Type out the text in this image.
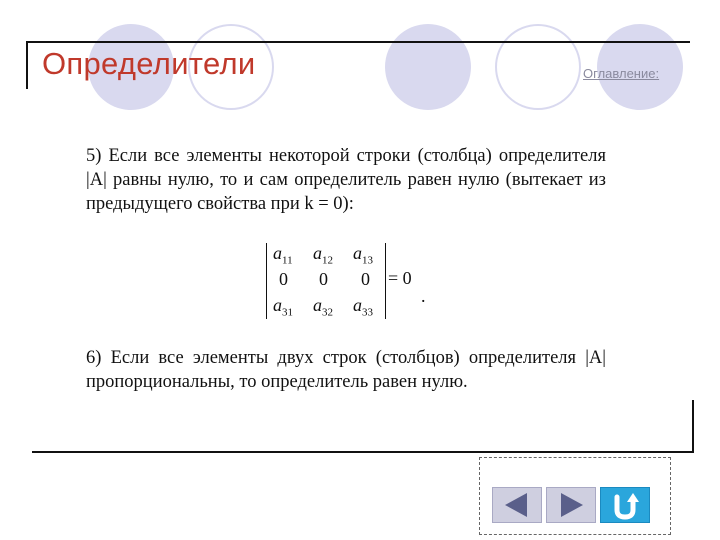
Определители	Оглавление:
5) Если все элементы некоторой строки (столбца) определителя |A| равны нулю, то и сам определитель равен нулю (вытекает из предыдущего свойства при k = 0):
$a_{11}$ $a_{12}$ $a_{13}$
0 0 0
$a_{31}$ $a_{32}$ $a_{33}$
= 0
.
6) Если все элементы двух строк (столбцов) определителя |A| пропорциональны, то определитель равен нулю.
